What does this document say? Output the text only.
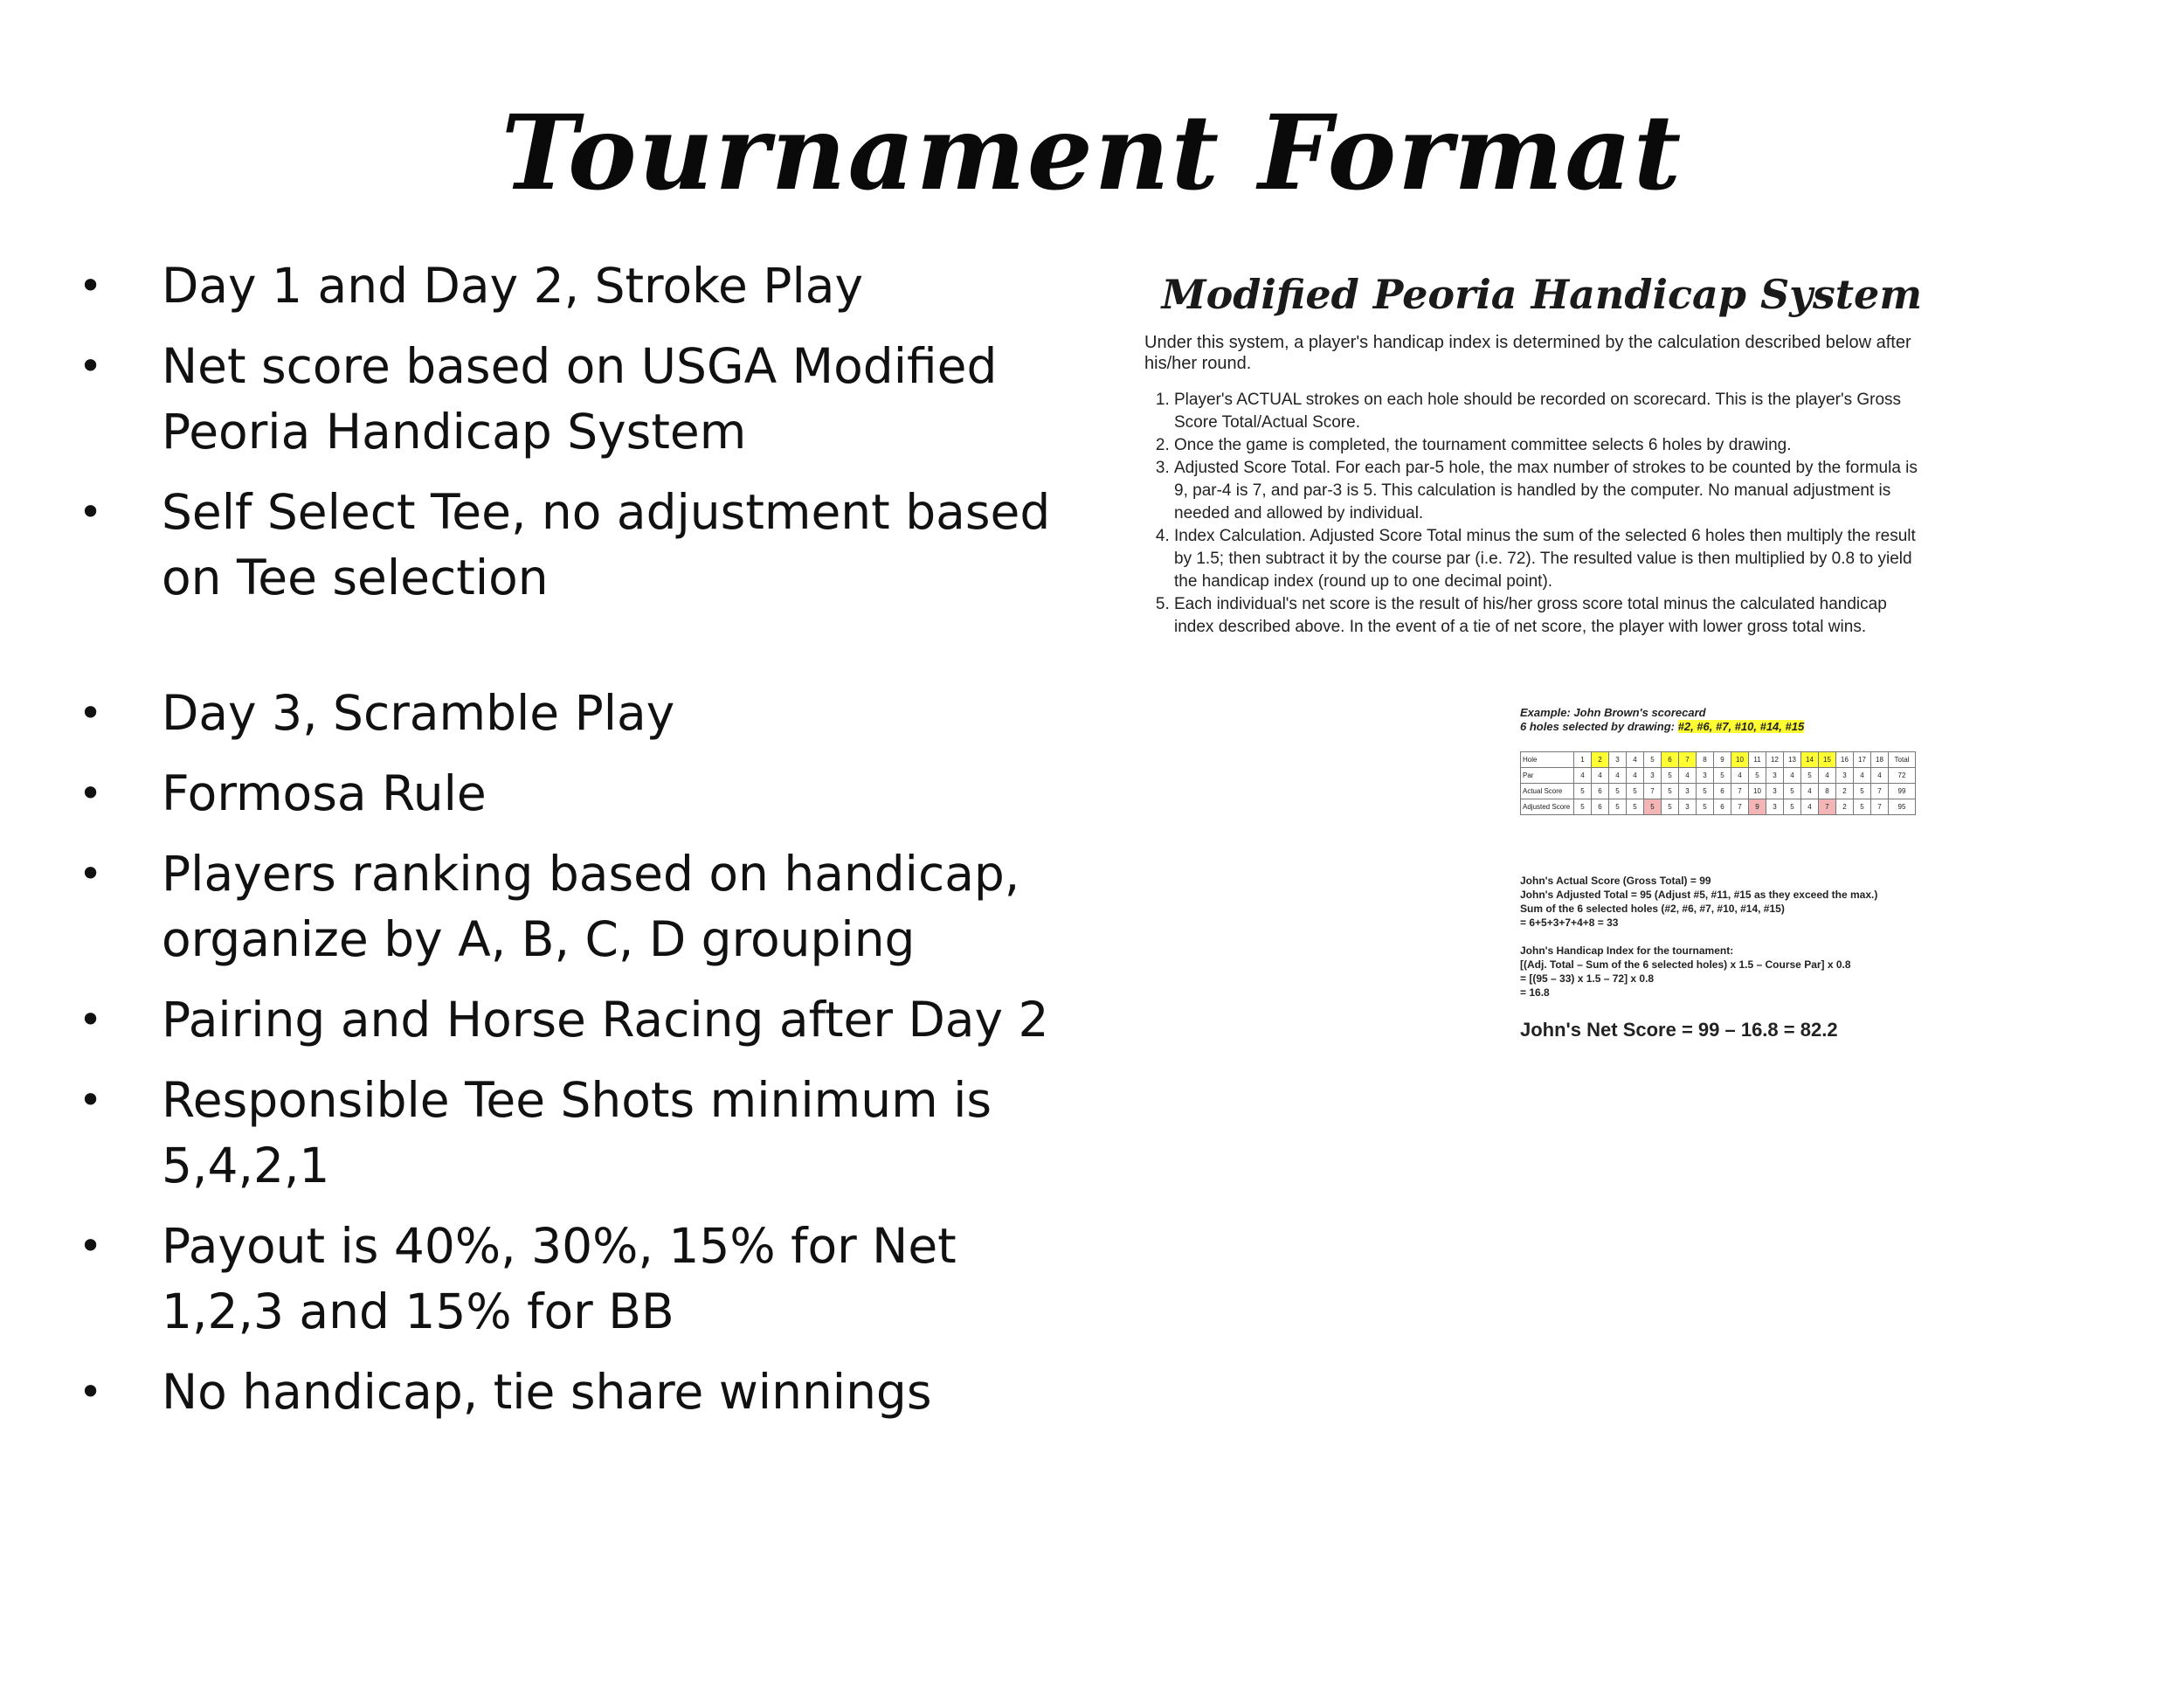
Tournament Format
• Day 1 and Day 2, Stroke Play
• Net score based on USGA Modified Peoria Handicap System
• Self Select Tee, no adjustment based on Tee selection
• Day 3, Scramble Play
• Formosa Rule
• Players ranking based on handicap, organize by A, B, C, D grouping
• Pairing and Horse Racing after Day 2
• Responsible Tee Shots minimum is 5,4,2,1
• Payout is 40%, 30%, 15% for Net 1,2,3 and 15% for BB
• No handicap, tie share winnings
Modified Peoria Handicap System
Under this system, a player's handicap index is determined by the calculation described below after his/her round.
1. Player's ACTUAL strokes on each hole should be recorded on scorecard. This is the player's Gross Score Total/Actual Score.
2. Once the game is completed, the tournament committee selects 6 holes by drawing.
3. Adjusted Score Total. For each par-5 hole, the max number of strokes to be counted by the formula is 9, par-4 is 7, and par-3 is 5. This calculation is handled by the computer. No manual adjustment is needed and allowed by individual.
4. Index Calculation. Adjusted Score Total minus the sum of the selected 6 holes then multiply the result by 1.5; then subtract it by the course par (i.e. 72). The resulted value is then multiplied by 0.8 to yield the handicap index (round up to one decimal point).
5. Each individual's net score is the result of his/her gross score total minus the calculated handicap index described above. In the event of a tie of net score, the player with lower gross total wins.
Example: John Brown's scorecard
6 holes selected by drawing: #2, #6, #7, #10, #14, #15
Hole	1	2	3	4	5	6	7	8	9	10	11	12	13	14	15	16	17	18	Total
Par	4	4	4	4	3	5	4	3	5	4	5	3	4	5	4	3	4	4	72
Actual Score	5	6	5	5	7	5	3	5	6	7	10	3	5	4	8	2	5	7	99
Adjusted Score	5	6	5	5	5	5	3	5	6	7	9	3	5	4	7	2	5	7	95
John's Actual Score (Gross Total) = 99
John's Adjusted Total = 95 (Adjust #5, #11, #15 as they exceed the max.)
Sum of the 6 selected holes (#2, #6, #7, #10, #14, #15)
= 6+5+3+7+4+8 = 33

John's Handicap Index for the tournament:
[(Adj. Total – Sum of the 6 selected holes) x 1.5 – Course Par] x 0.8
= [(95 – 33) x 1.5 – 72] x 0.8
= 16.8
John's Net Score = 99 – 16.8 = 82.2
